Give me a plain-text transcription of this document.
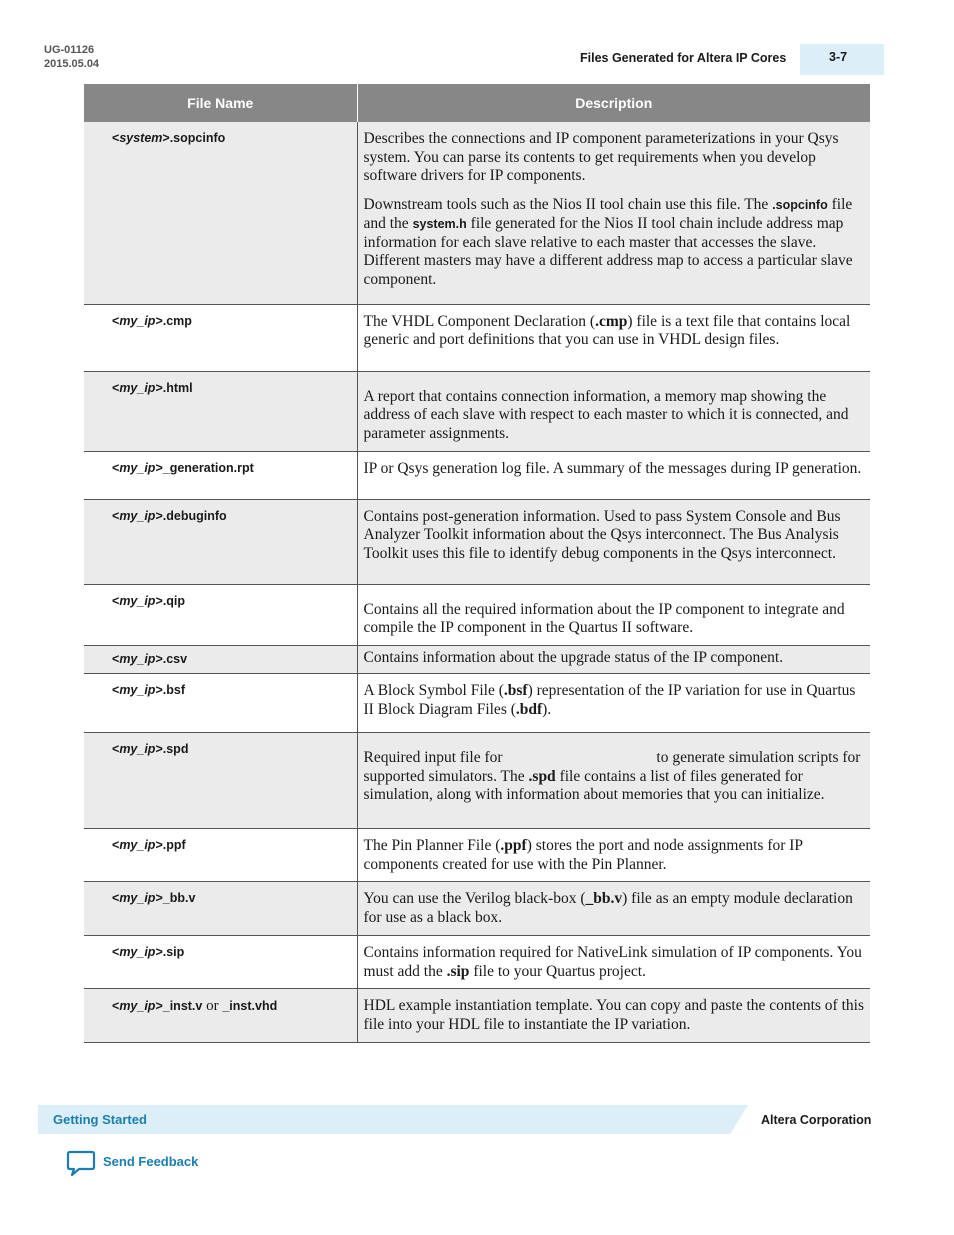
UG-01126
2015.05.04	Files Generated for Altera IP Cores	3-7
File Name	Description
<system>.sopcinfo	Describes the connections and IP component parameterizations in your Qsys system. You can parse its contents to get requirements when you develop software drivers for IP components.

Downstream tools such as the Nios II tool chain use this file. The .sopcinfo file and the system.h file generated for the Nios II tool chain include address map information for each slave relative to each master that accesses the slave. Different masters may have a different address map to access a particular slave component.

<my_ip>.cmp	The VHDL Component Declaration (.cmp) file is a text file that contains local generic and port definitions that you can use in VHDL design files.
<my_ip>.html	A report that contains connection information, a memory map showing the address of each slave with respect to each master to which it is connected, and parameter assignments.
<my_ip>_generation.rpt	IP or Qsys generation log file. A summary of the messages during IP generation.
<my_ip>.debuginfo	Contains post-generation information. Used to pass System Console and Bus Analyzer Toolkit information about the Qsys interconnect. The Bus Analysis Toolkit uses this file to identify debug components in the Qsys interconnect.
<my_ip>.qip	Contains all the required information about the IP component to integrate and compile the IP component in the Quartus II software.
<my_ip>.csv	Contains information about the upgrade status of the IP component.
<my_ip>.bsf	A Block Symbol File (.bsf) representation of the IP variation for use in Quartus II Block Diagram Files (.bdf).
<my_ip>.spd	Required input file for to generate simulation scripts for supported simulators. The .spd file contains a list of files generated for simulation, along with information about memories that you can initialize.
<my_ip>.ppf	The Pin Planner File (.ppf) stores the port and node assignments for IP components created for use with the Pin Planner.
<my_ip>_bb.v	You can use the Verilog black-box (_bb.v) file as an empty module declaration for use as a black box.
<my_ip>.sip	Contains information required for NativeLink simulation of IP components. You must add the .sip file to your Quartus project.
<my_ip>_inst.v or _inst.vhd	HDL example instantiation template. You can copy and paste the contents of this file into your HDL file to instantiate the IP variation.
Getting Started	Altera Corporation
Send Feedback
